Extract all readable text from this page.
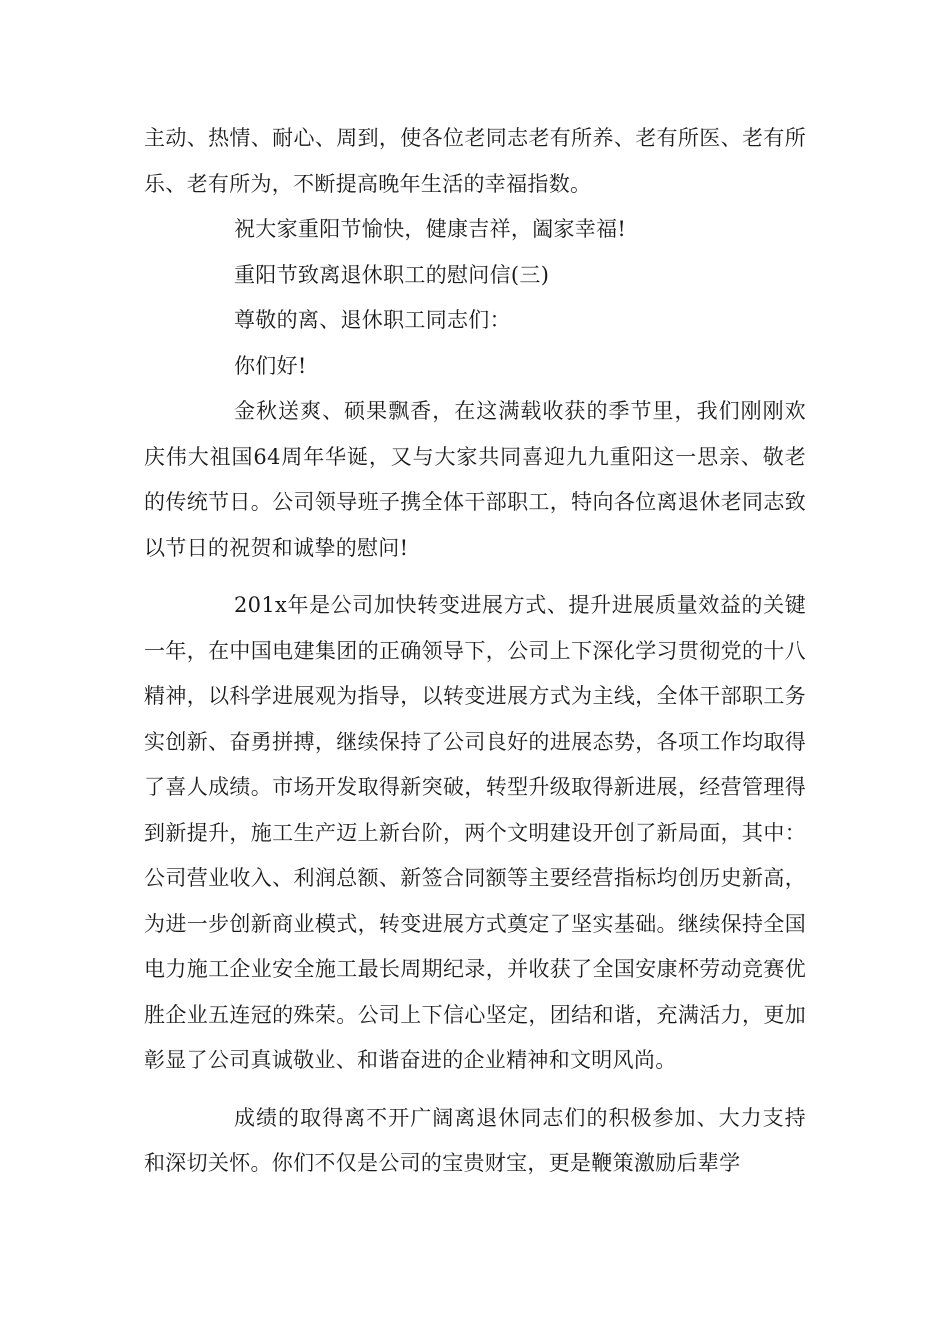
主动、热情、耐心、周到，使各位老同志老有所养、老有所医、老有所乐、老有所为，不断提高晚年生活的幸福指数。

祝大家重阳节愉快，健康吉祥，阖家幸福!

重阳节致离退休职工的慰问信(三)

尊敬的离、退休职工同志们：

你们好!

金秋送爽、硕果飘香，在这满载收获的季节里，我们刚刚欢庆伟大祖国64周年华诞，又与大家共同喜迎九九重阳这一思亲、敬老的传统节日。公司领导班子携全体干部职工，特向各位离退休老同志致以节日的祝贺和诚挚的慰问!

201x年是公司加快转变进展方式、提升进展质量效益的关键一年，在中国电建集团的正确领导下，公司上下深化学习贯彻党的十八精神，以科学进展观为指导，以转变进展方式为主线，全体干部职工务实创新、奋勇拼搏，继续保持了公司良好的进展态势，各项工作均取得了喜人成绩。市场开发取得新突破，转型升级取得新进展，经营管理得到新提升，施工生产迈上新台阶，两个文明建设开创了新局面，其中：公司营业收入、利润总额、新签合同额等主要经营指标均创历史新高，为进一步创新商业模式，转变进展方式奠定了坚实基础。继续保持全国电力施工企业安全施工最长周期纪录，并收获了全国安康杯劳动竞赛优胜企业五连冠的殊荣。公司上下信心坚定，团结和谐，充满活力，更加彰显了公司真诚敬业、和谐奋进的企业精神和文明风尚。

成绩的取得离不开广阔离退休同志们的积极参加、大力支持和深切关怀。你们不仅是公司的宝贵财宝，更是鞭策激励后辈学
